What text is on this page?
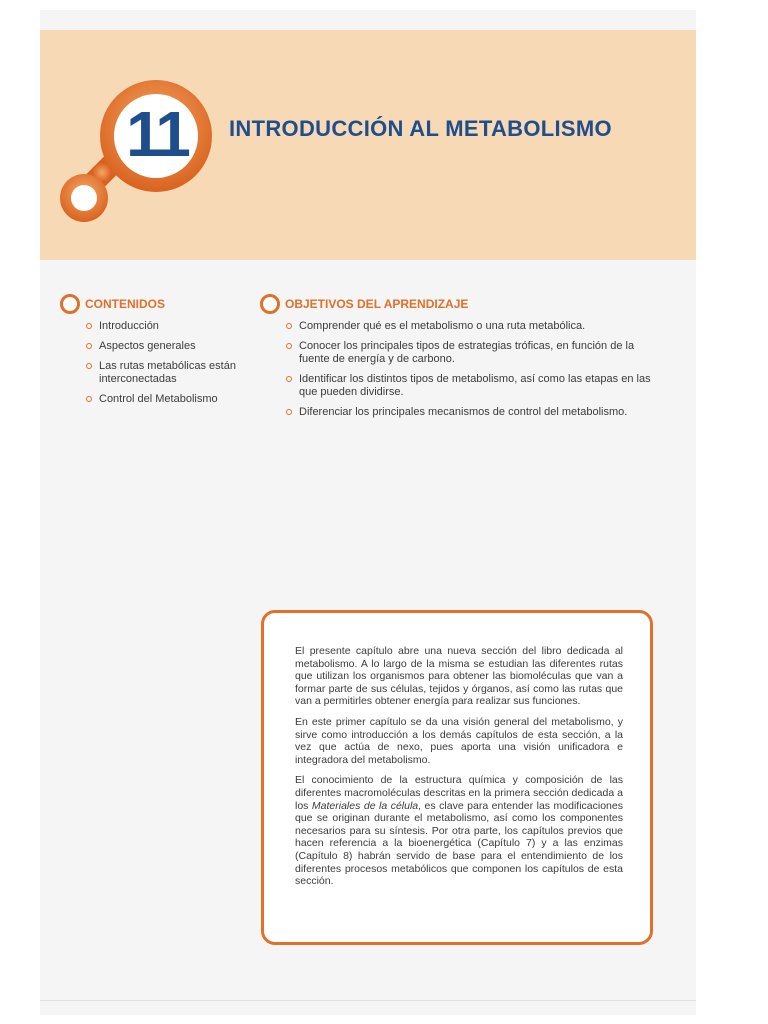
11	INTRODUCCIÓN AL METABOLISMO
CONTENIDOS
Introducción
Aspectos generales
Las rutas metabólicas están interconectadas
Control del Metabolismo
OBJETIVOS DEL APRENDIZAJE
Comprender qué es el metabolismo o una ruta metabólica.
Conocer los principales tipos de estrategias tróficas, en función de la fuente de energía y de carbono.
Identificar los distintos tipos de metabolismo, así como las etapas en las que pueden dividirse.
Diferenciar los principales mecanismos de control del metabolismo.

El presente capítulo abre una nueva sección del libro dedicada al metabolismo. A lo largo de la misma se estudian las diferentes rutas que utilizan los organismos para obtener las biomoléculas que van a formar parte de sus células, tejidos y órganos, así como las rutas que van a permitirles obtener energía para realizar sus funciones.

En este primer capítulo se da una visión general del metabolismo, y sirve como introducción a los demás capítulos de esta sección, a la vez que actúa de nexo, pues aporta una visión unificadora e integradora del metabolismo.

El conocimiento de la estructura química y composición de las diferentes macromoléculas descritas en la primera sección dedicada a los Materiales de la célula, es clave para entender las modificaciones que se originan durante el metabolismo, así como los componentes necesarios para su síntesis. Por otra parte, los capítulos previos que hacen referencia a la bioenergética (Capítulo 7) y a las enzimas (Capítulo 8) habrán servido de base para el entendimiento de los diferentes procesos metabólicos que componen los capítulos de esta sección.
